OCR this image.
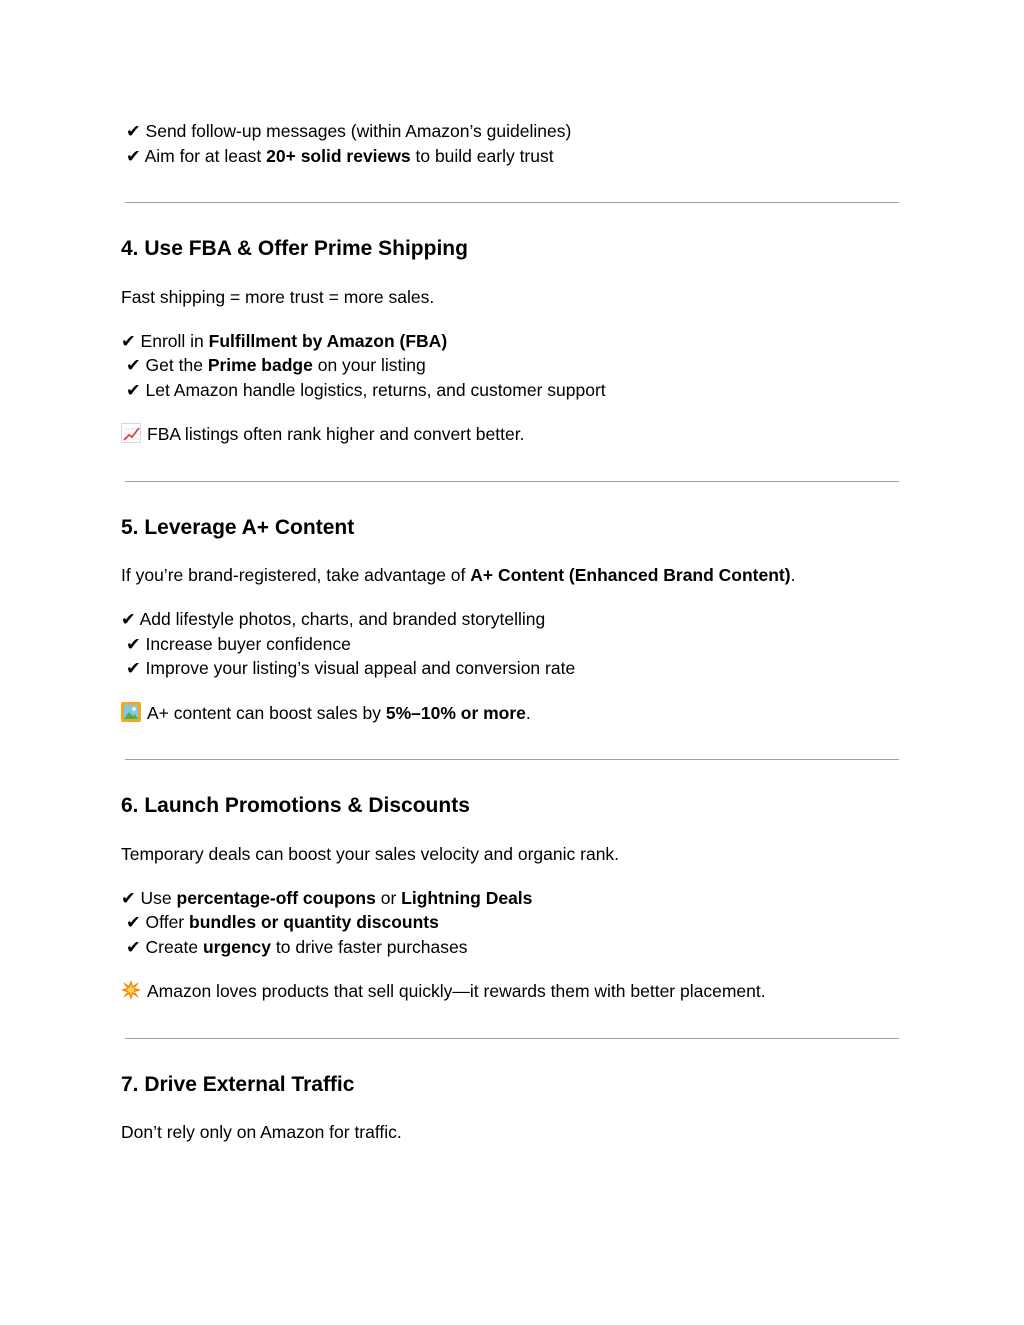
✔ Send follow-up messages (within Amazon’s guidelines)
✔ Aim for at least 20+ solid reviews to build early trust
4. Use FBA & Offer Prime Shipping
Fast shipping = more trust = more sales.
✔ Enroll in Fulfillment by Amazon (FBA)
✔ Get the Prime badge on your listing
✔ Let Amazon handle logistics, returns, and customer support
FBA listings often rank higher and convert better.
5. Leverage A+ Content
If you’re brand-registered, take advantage of A+ Content (Enhanced Brand Content).
✔ Add lifestyle photos, charts, and branded storytelling
✔ Increase buyer confidence
✔ Improve your listing’s visual appeal and conversion rate
A+ content can boost sales by 5%–10% or more.
6. Launch Promotions & Discounts
Temporary deals can boost your sales velocity and organic rank.
✔ Use percentage-off coupons or Lightning Deals
✔ Offer bundles or quantity discounts
✔ Create urgency to drive faster purchases
Amazon loves products that sell quickly—it rewards them with better placement.
7. Drive External Traffic
Don’t rely only on Amazon for traffic.
